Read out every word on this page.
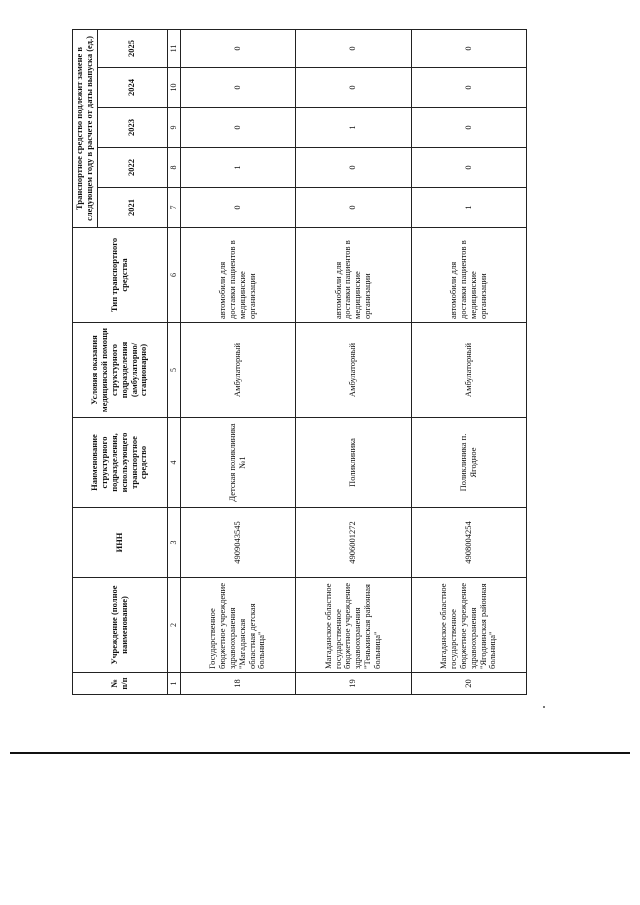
№ п/п	Учреждение (полное наименование)	ИНН	Наименование структурного подразделения, использующего транспортное средство	Условия оказания медицинской помощи структурного подразделения (амбулаторно/ стационарно)	Тип транспортного средства	Транспортное средство подлежит замене в следующем году в расчете от даты выпуска (ед.)				
						2021	2022	2023	2024	2025
1	2	3	4	5	6	7	8	9	10	11
18	Государственное бюджетное учреждение здравоохранения "Магаданская областная детская больница"	4909043545	Детская поликлиника №1	Амбулаторный	автомобили для доставки пациентов в медицинские организации	0	1	0	0	0
19	Магаданское областное государственное бюджетное учреждение здравоохранения "Тенькинская районная больница"	4906001272	Поликлиника	Амбулаторный	автомобили для доставки пациентов в медицинские организации	0	0	1	0	0
20	Магаданское областное государственное бюджетное учреждение здравоохранения "Ягоднинская районная больница"	4908004254	Поликлиника п. Ягодное	Амбулаторный	автомобили для доставки пациентов в медицинские организации	1	0	0	0	0
